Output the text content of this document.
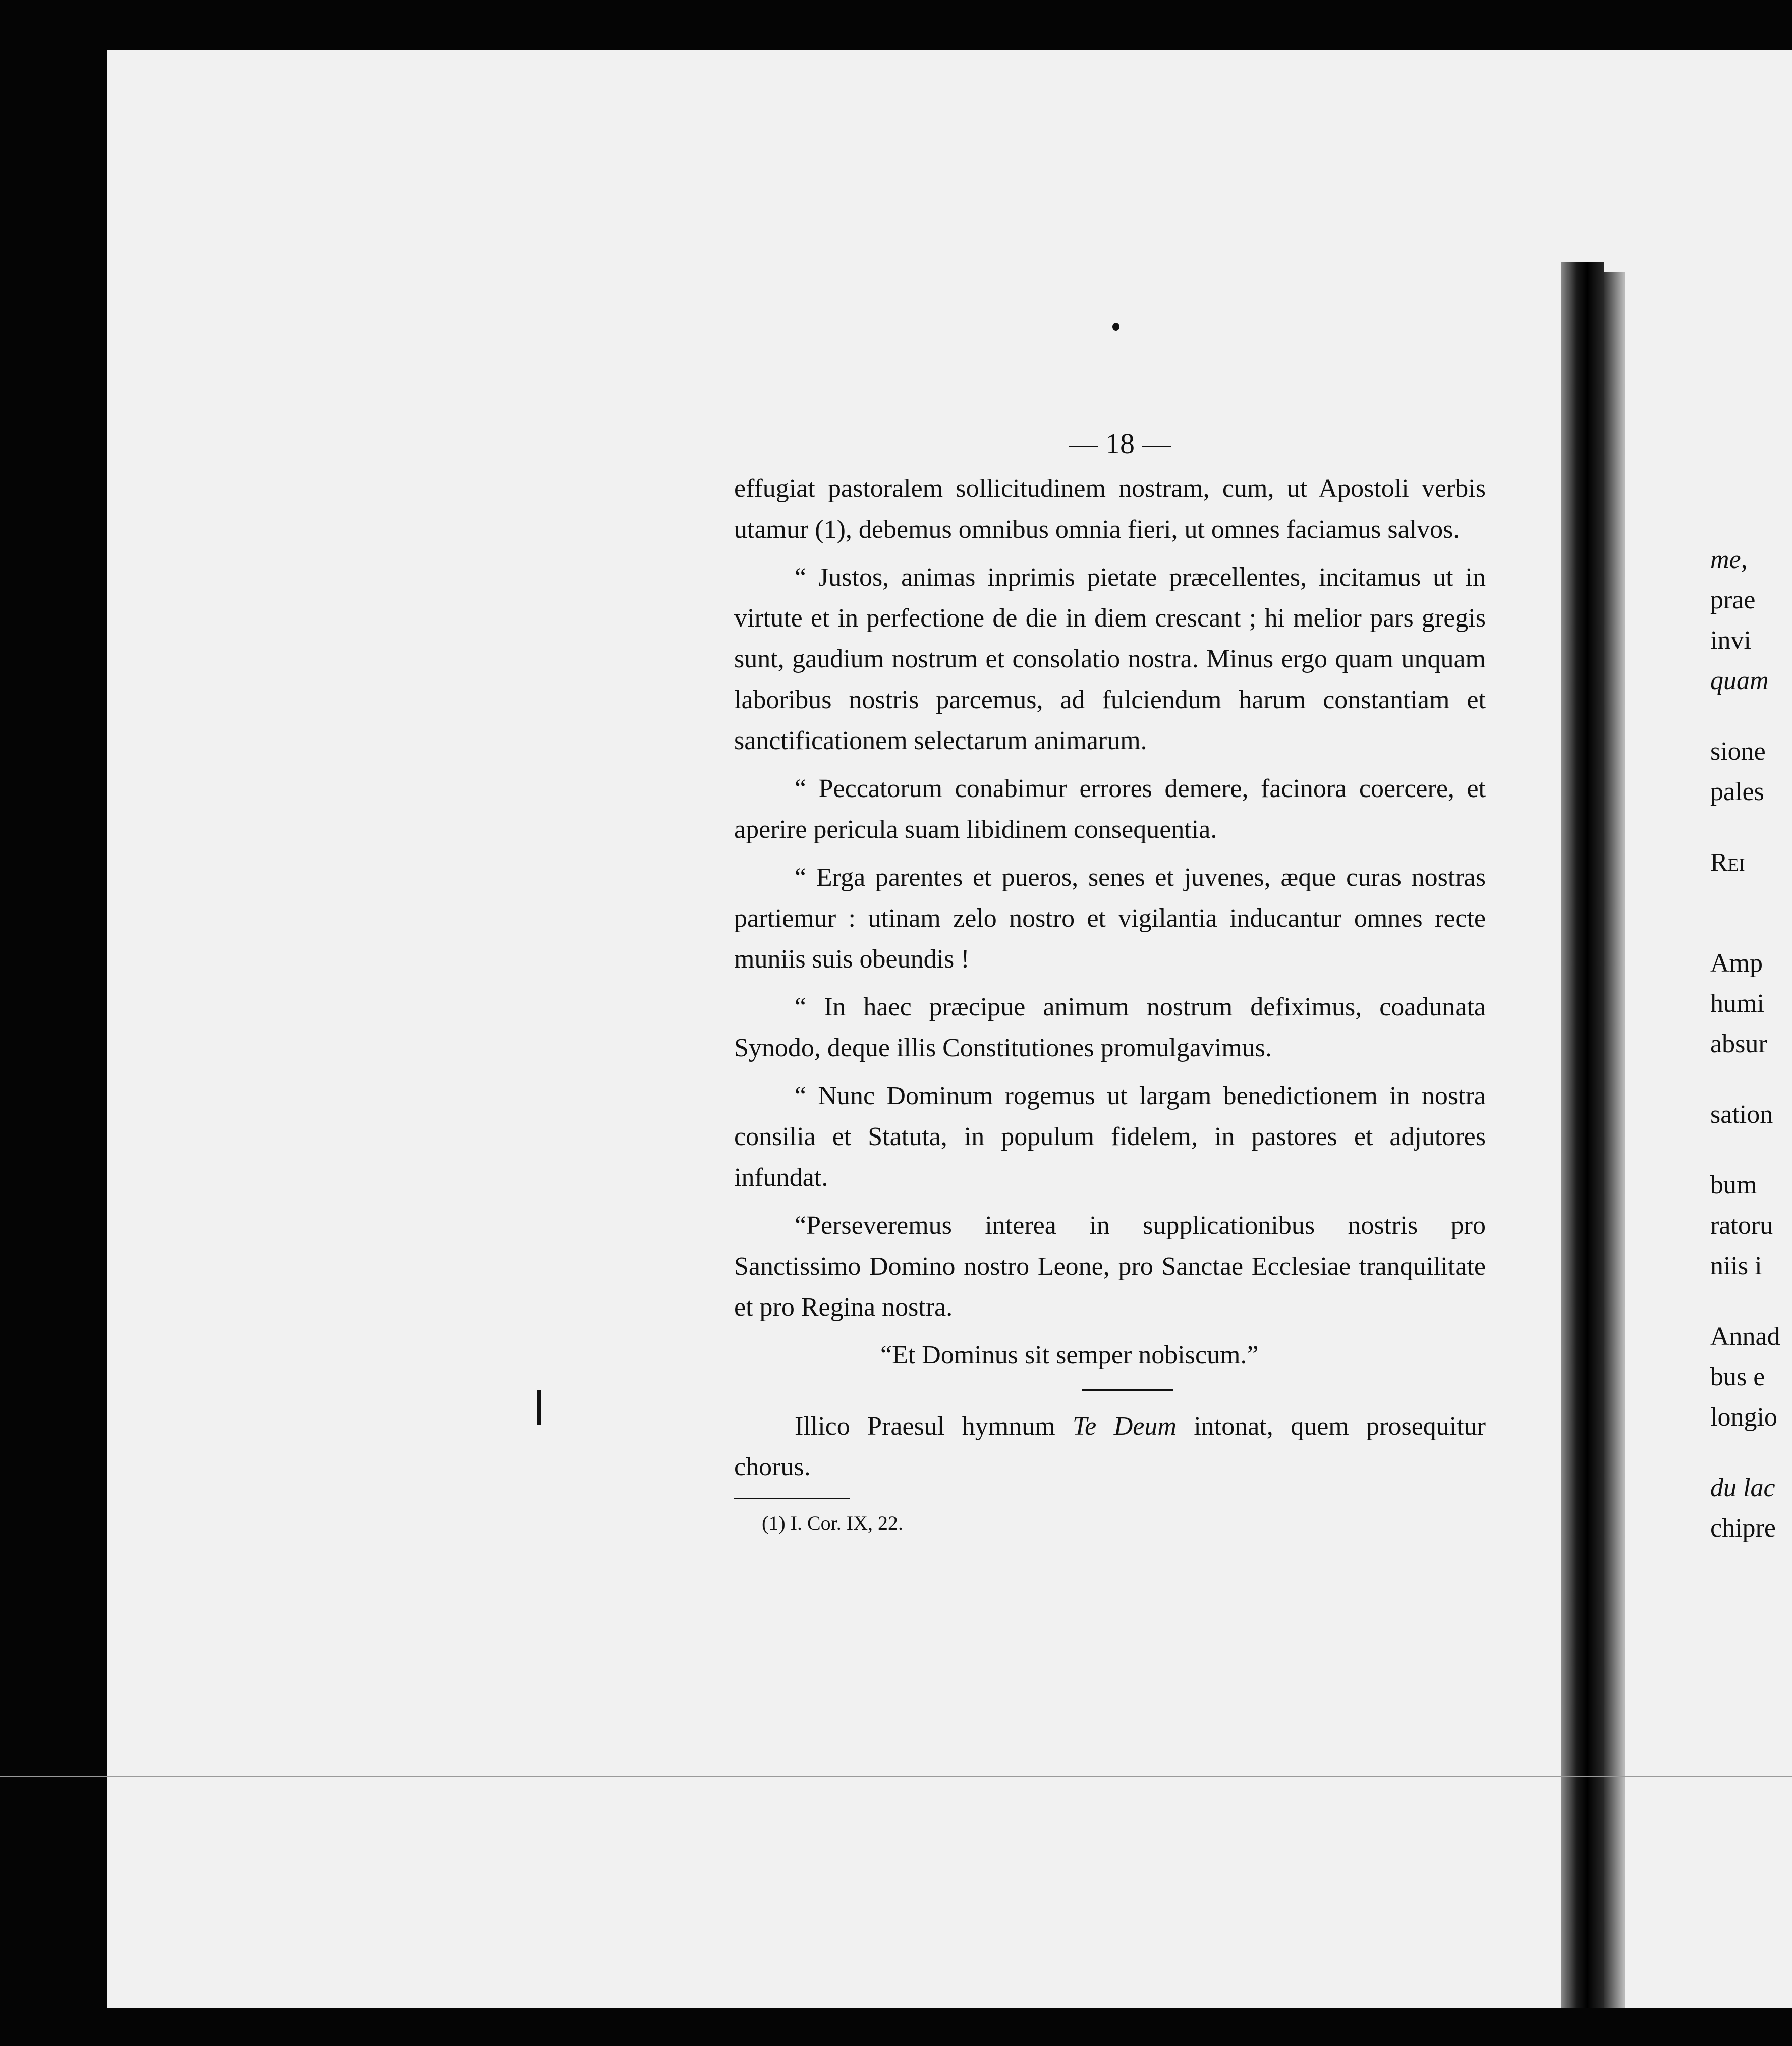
— 18 —

effugiat pastoralem sollicitudinem nostram, cum, ut Apostoli verbis utamur (1), debemus omnibus omnia fieri, ut omnes faciamus salvos.

“ Justos, animas inprimis pietate præcellentes, incitamus ut in virtute et in perfectione de die in diem crescant ; hi melior pars gregis sunt, gaudium nostrum et consolatio nostra. Minus ergo quam unquam laboribus nostris parcemus, ad fulciendum harum constantiam et sanctificationem selectarum animarum.

“ Peccatorum conabimur errores demere, facinora coercere, et aperire pericula suam libidinem consequentia.

“ Erga parentes et pueros, senes et juvenes, æque curas nostras partiemur : utinam zelo nostro et vigilantia inducantur omnes recte muniis suis obeundis !

“ In haec præcipue animum nostrum defiximus, coadunata Synodo, deque illis Constitutiones promulgavimus.

“ Nunc Dominum rogemus ut largam benedictionem in nostra consilia et Statuta, in populum fidelem, in pastores et adjutores infundat.

“Perseveremus interea in supplicationibus nostris pro Sanctissimo Domino nostro Leone, pro Sanctae Ecclesiae tranquilitate et pro Regina nostra.

“Et Dominus sit semper nobiscum.”

Illico Praesul hymnum Te Deum intonat, quem prosequitur chorus.

(1) I. Cor. IX, 22.
me,
prae
invi
quam
sione
pales
Rei
Amp
humi
absur
sation
bum
ratoru
niis i
Annad
bus e
longio
du lac
chipre
